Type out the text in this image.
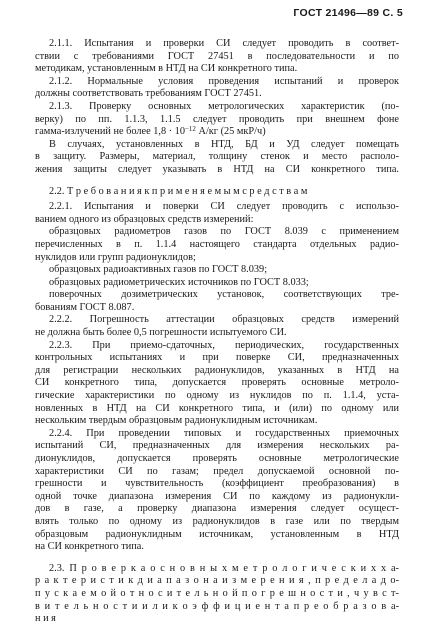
ГОСТ 21496—89 С. 5
2.1.1. Испытания и проверки СИ следует проводить в соответ-
ствии с требованиями ГОСТ 27451 в последовательности и по
методикам, установленным в НТД на СИ конкретного типа.
2.1.2. Нормальные условия проведения испытаний и проверок
должны соответствовать требованиям ГОСТ 27451.
2.1.3. Проверку основных метрологических характеристик (по-
верку) по пп. 1.1.3, 1.1.5 следует проводить при внешнем фоне
гамма-излучений не более $1,8 \cdot 10^{-12}$ А/кг (25 мкР/ч)
В случаях, установленных в НТД, БД и УД следует помещать
в защиту. Размеры, материал, толщину стенок и место располо-
жения защиты следует указывать в НТД на СИ конкретного типа.
2.2. Т р е б о в а н и я к п р и м е н я е м ы м с р е д с т в а м
2.2.1. Испытания и поверки СИ следует проводить с использо-
ванием одного из образцовых средств измерений:
образцовых радиометров газов по ГОСТ 8.039 с применением
перечисленных в п. 1.1.4 настоящего стандарта отдельных радио-
нуклидов или групп радионуклидов;
образцовых радиоактивных газов по ГОСТ 8.039;
образцовых радиометрических источников по ГОСТ 8.033;
поверочных дозиметрических установок, соответствующих тре-
бованиям ГОСТ 8.087.
2.2.2. Погрешность аттестации образцовых средств измерений
не должна быть более 0,5 погрешности испытуемого СИ.
2.2.3. При приемо-сдаточных, периодических, государственных
контрольных испытаниях и при поверке СИ, предназначенных
для регистрации нескольких радионуклидов, указанных в НТД на
СИ конкретного типа, допускается проверять основные метроло-
гические характеристики по одному из нуклидов по п. 1.1.4, уста-
новленных в НТД на СИ конкретного типа, и (или) по одному или
нескольким твердым образцовым радионуклидным источникам.
2.2.4. При проведении типовых и государственных приемочных
испытаний СИ, предназначенных для измерения нескольких ра-
дионуклидов, допускается проверять основные метрологические
характеристики СИ по газам; предел допускаемой основной по-
грешности и чувствительность (коэффициент преобразования) в
одной точке диапазона измерения СИ по каждому из радионукли-
дов в газе, а проверку диапазона измерения следует осущест-
влять только по одному из радионуклидов в газе или по твердым
образцовым радионуклидным источникам, установленным в НТД
на СИ конкретного типа.
2.3. П р о в е р к а о с н о в н ы х м е т р о л о г и ч е с к и х х а-
р а к т е р и с т и к д и а п а з о н а и з м е р е н и я , п р е д е л а д о-
п у с к а е м о й о т н о с и т е л ь н о й п о г р е ш н о с т и , ч у в с т-
в и т е л ь н о с т и и л и к о э ф ф и ц и е н т а п р е о б р а з о в а-
н и я
